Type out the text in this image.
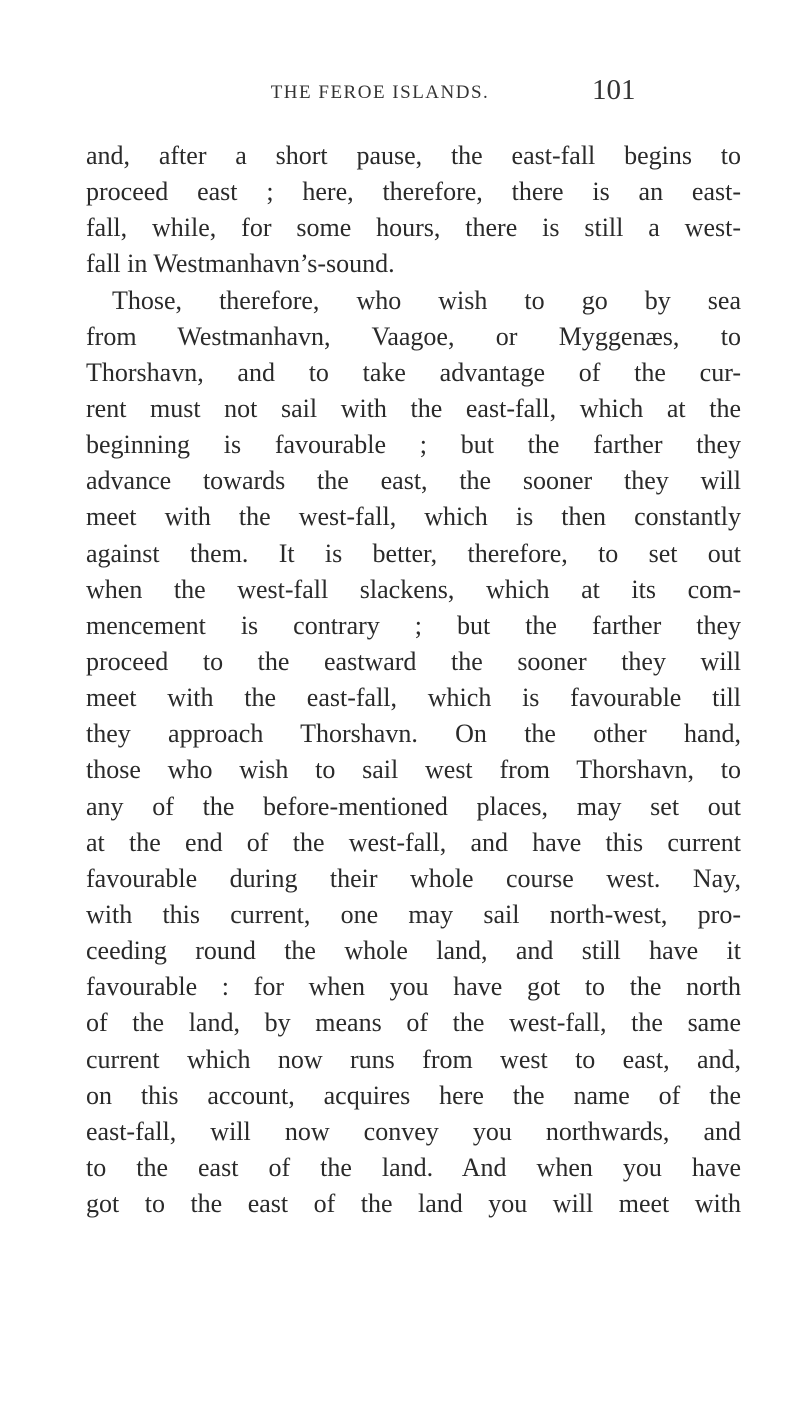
THE FEROE ISLANDS.	101
and, after a short pause, the east-fall begins to
proceed east ; here, therefore, there is an east-
fall, while, for some hours, there is still a west-
fall in Westmanhavn’s-sound.
Those, therefore, who wish to go by sea
from Westmanhavn, Vaagoe, or Myggenæs, to
Thorshavn, and to take advantage of the cur-
rent must not sail with the east-fall, which at the
beginning is favourable ; but the farther they
advance towards the east, the sooner they will
meet with the west-fall, which is then constantly
against them. It is better, therefore, to set out
when the west-fall slackens, which at its com-
mencement is contrary ; but the farther they
proceed to the eastward the sooner they will
meet with the east-fall, which is favourable till
they approach Thorshavn. On the other hand,
those who wish to sail west from Thorshavn, to
any of the before-mentioned places, may set out
at the end of the west-fall, and have this current
favourable during their whole course west. Nay,
with this current, one may sail north-west, pro-
ceeding round the whole land, and still have it
favourable : for when you have got to the north
of the land, by means of the west-fall, the same
current which now runs from west to east, and,
on this account, acquires here the name of the
east-fall, will now convey you northwards, and
to the east of the land. And when you have
got to the east of the land you will meet with
